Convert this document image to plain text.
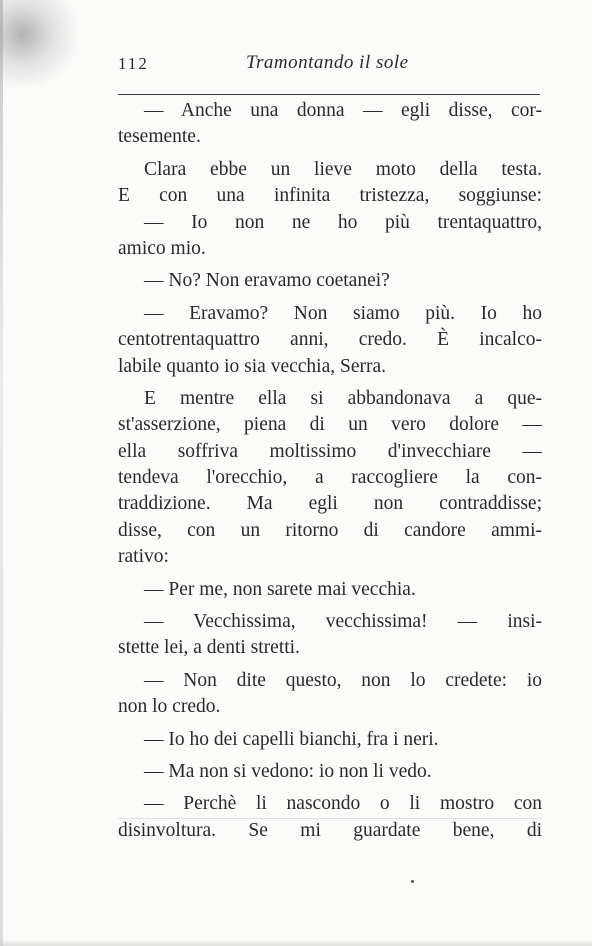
112	Tramontando il sole
— Anche una donna — egli disse, cor-
tesemente.
Clara ebbe un lieve moto della testa.
E con una infinita tristezza, soggiunse:
— Io non ne ho più trentaquattro,
amico mio.
— No? Non eravamo coetanei?
— Eravamo? Non siamo più. Io ho
centotrentaquattro anni, credo. È incalco-
labile quanto io sia vecchia, Serra.
E mentre ella si abbandonava a que-
st'asserzione, piena di un vero dolore —
ella soffriva moltissimo d'invecchiare —
tendeva l'orecchio, a raccogliere la con-
traddizione. Ma egli non contraddisse;
disse, con un ritorno di candore ammi-
rativo:
— Per me, non sarete mai vecchia.
— Vecchissima, vecchissima! — insi-
stette lei, a denti stretti.
— Non dite questo, non lo credete: io
non lo credo.
— Io ho dei capelli bianchi, fra i neri.
— Ma non si vedono: io non li vedo.
— Perchè li nascondo o li mostro con
disinvoltura. Se mi guardate bene, di
